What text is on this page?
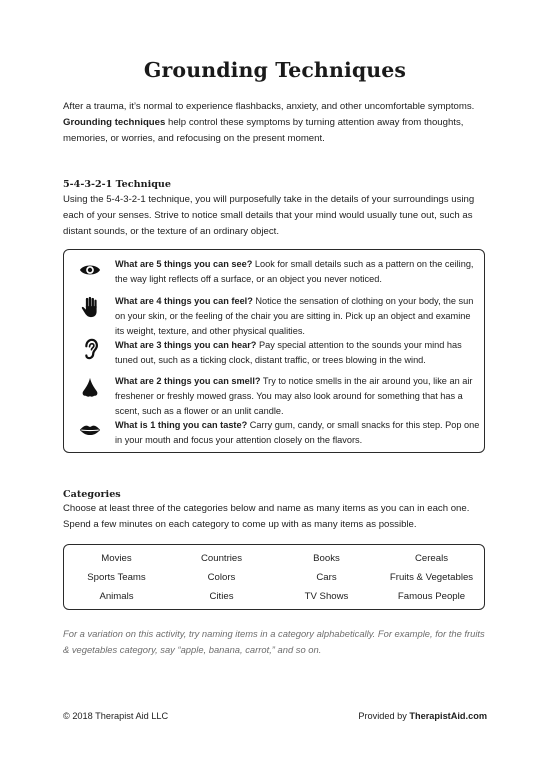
Grounding Techniques
After a trauma, it’s normal to experience flashbacks, anxiety, and other uncomfortable symptoms. Grounding techniques help control these symptoms by turning attention away from thoughts, memories, or worries, and refocusing on the present moment.
5-4-3-2-1 Technique
Using the 5-4-3-2-1 technique, you will purposefully take in the details of your surroundings using each of your senses. Strive to notice small details that your mind would usually tune out, such as distant sounds, or the texture of an ordinary object.
What are 5 things you can see? Look for small details such as a pattern on the ceiling, the way light reflects off a surface, or an object you never noticed.
What are 4 things you can feel? Notice the sensation of clothing on your body, the sun on your skin, or the feeling of the chair you are sitting in. Pick up an object and examine its weight, texture, and other physical qualities.
What are 3 things you can hear? Pay special attention to the sounds your mind has tuned out, such as a ticking clock, distant traffic, or trees blowing in the wind.
What are 2 things you can smell? Try to notice smells in the air around you, like an air freshener or freshly mowed grass. You may also look around for something that has a scent, such as a flower or an unlit candle.
What is 1 thing you can taste? Carry gum, candy, or small snacks for this step. Pop one in your mouth and focus your attention closely on the flavors.
Categories
Choose at least three of the categories below and name as many items as you can in each one. Spend a few minutes on each category to come up with as many items as possible.
Movies	Countries	Books	Cereals
Sports Teams	Colors	Cars	Fruits & Vegetables
Animals	Cities	TV Shows	Famous People
For a variation on this activity, try naming items in a category alphabetically. For example, for the fruits & vegetables category, say “apple, banana, carrot,” and so on.
© 2018 Therapist Aid LLC	Provided by TherapistAid.com
